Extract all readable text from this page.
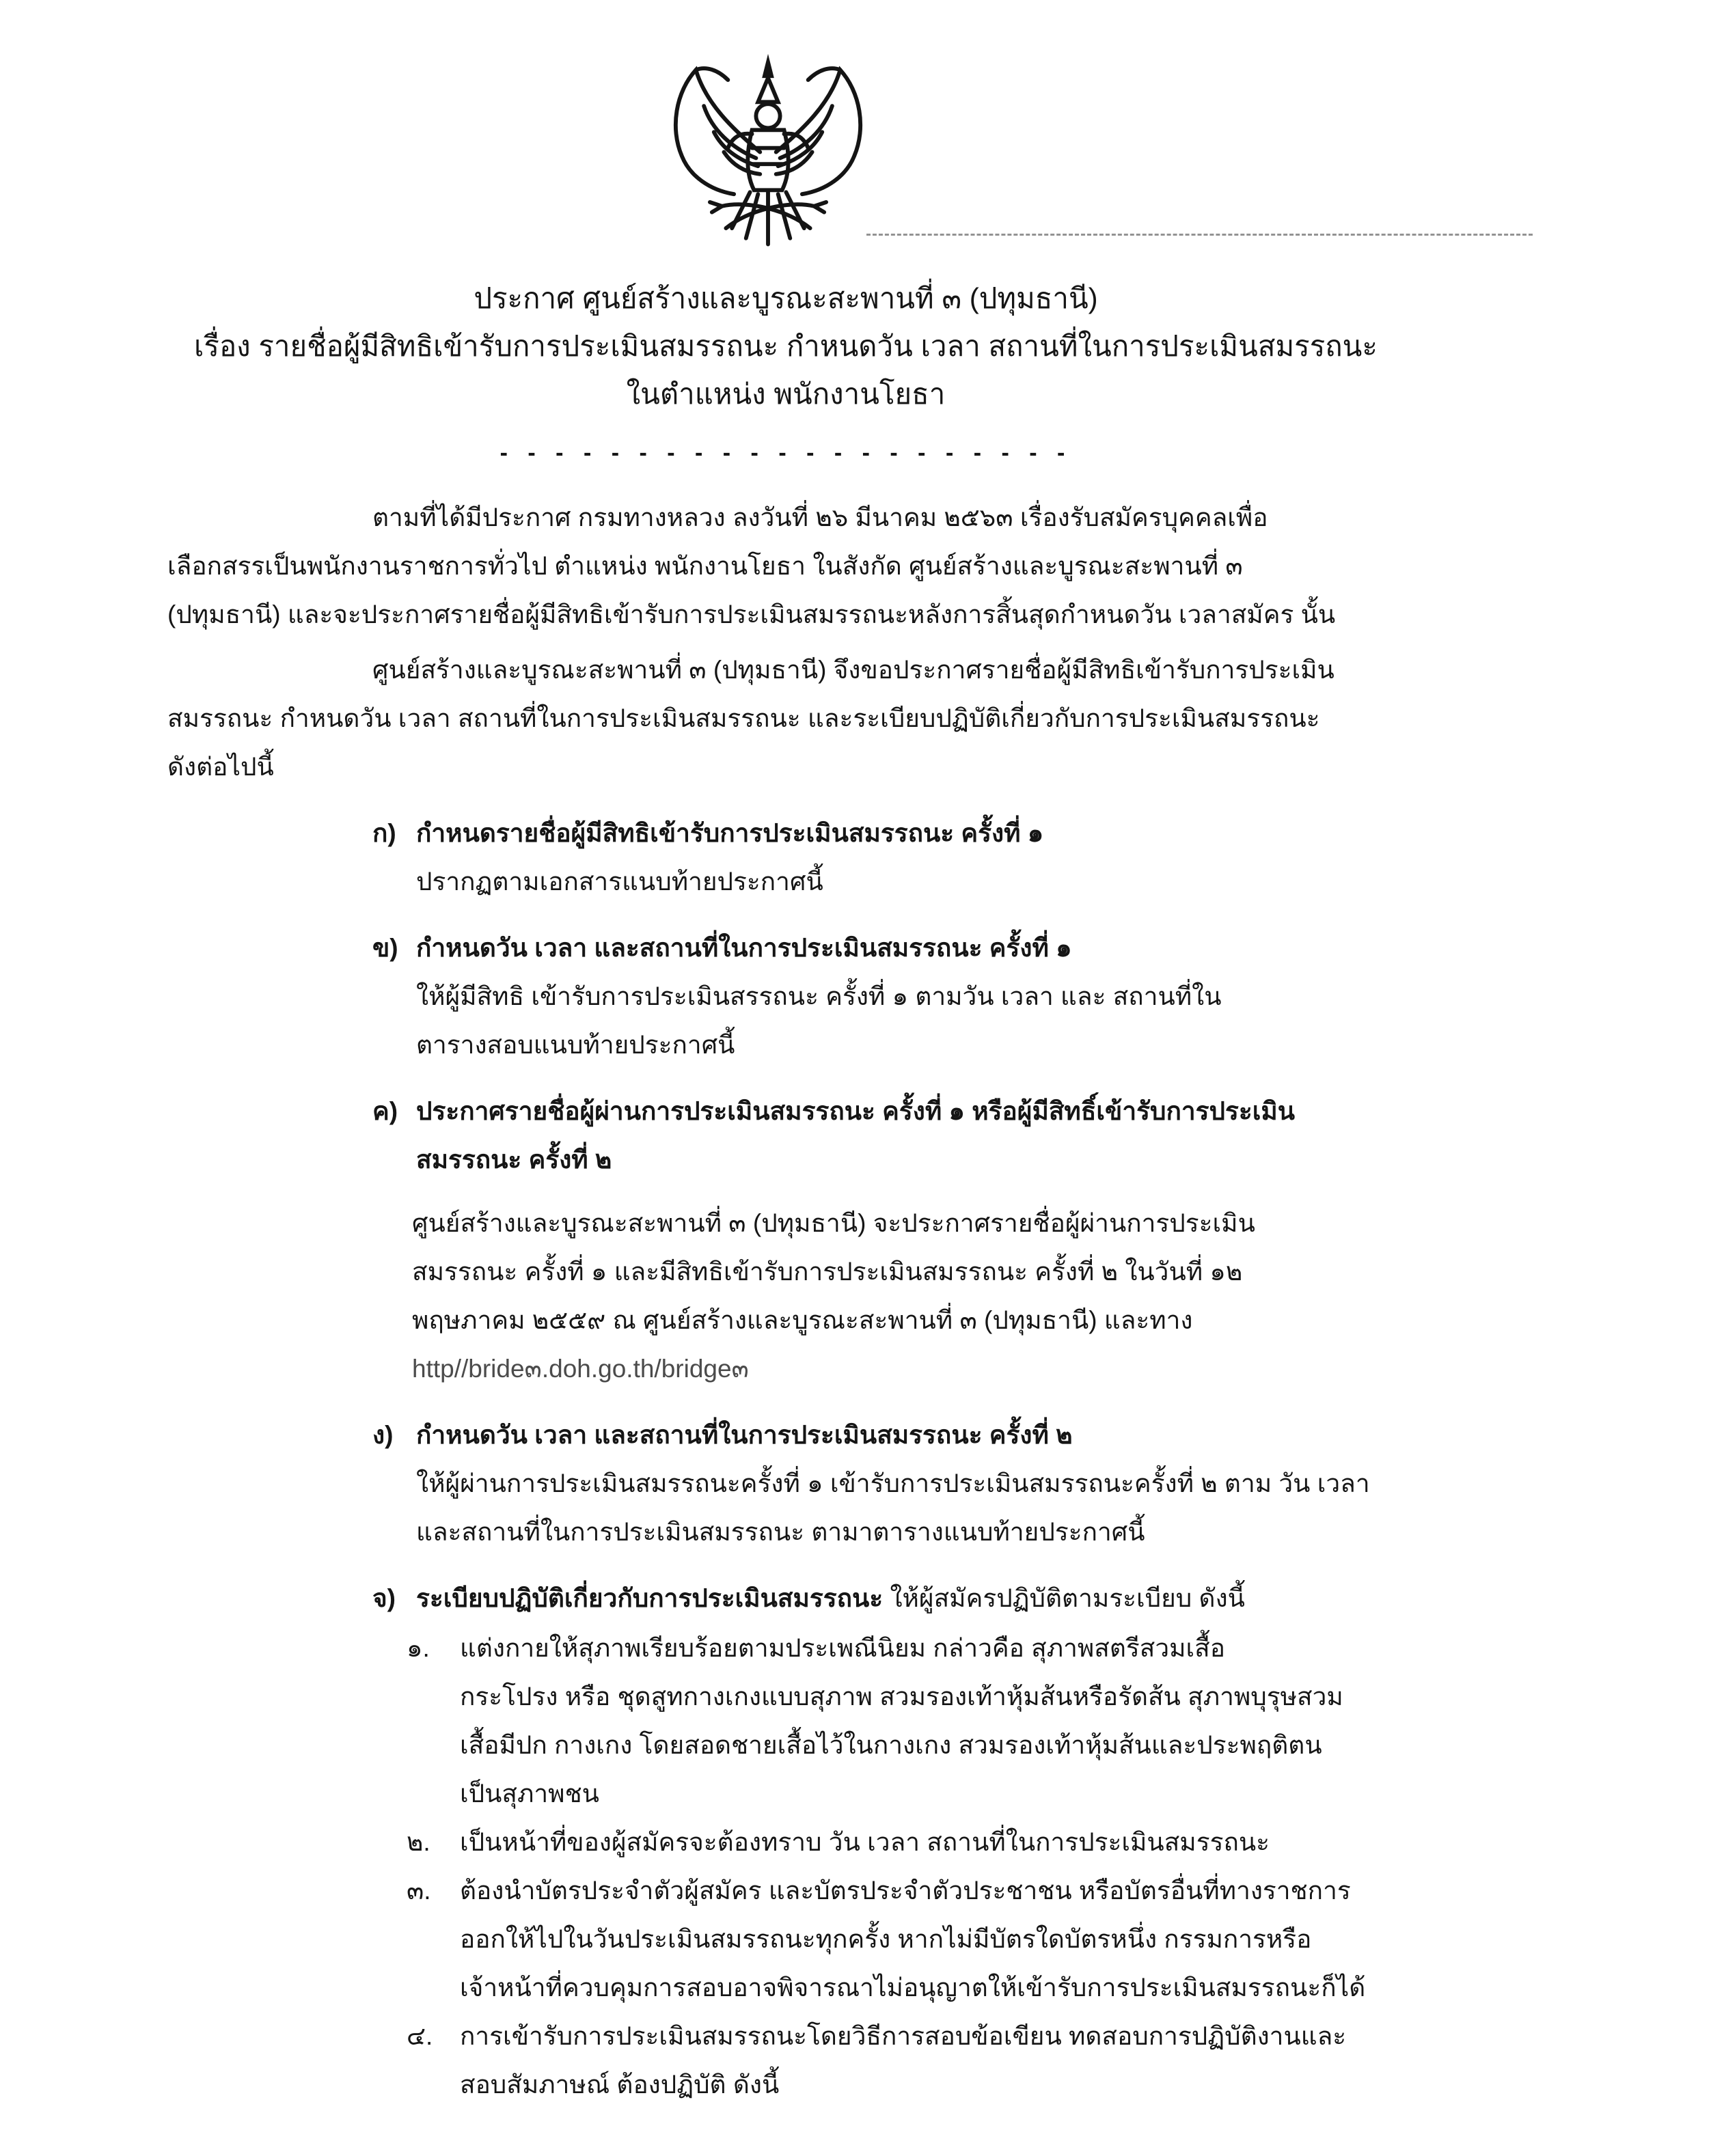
ประกาศ ศูนย์สร้างและบูรณะสะพานที่ ๓ (ปทุมธานี)
เรื่อง รายชื่อผู้มีสิทธิเข้ารับการประเมินสมรรถนะ กำหนดวัน เวลา สถานที่ในการประเมินสมรรถนะ
ในตำแหน่ง พนักงานโยธา
- - - - - - - - - - - - - - - - - - - - -
ตามที่ได้มีประกาศ กรมทางหลวง ลงวันที่ ๒๖ มีนาคม ๒๕๖๓ เรื่องรับสมัครบุคคลเพื่อ
เลือกสรรเป็นพนักงานราชการทั่วไป ตำแหน่ง พนักงานโยธา ในสังกัด ศูนย์สร้างและบูรณะสะพานที่ ๓
(ปทุมธานี) และจะประกาศรายชื่อผู้มีสิทธิเข้ารับการประเมินสมรรถนะหลังการสิ้นสุดกำหนดวัน เวลาสมัคร นั้น
ศูนย์สร้างและบูรณะสะพานที่ ๓ (ปทุมธานี) จึงขอประกาศรายชื่อผู้มีสิทธิเข้ารับการประเมิน
สมรรถนะ กำหนดวัน เวลา สถานที่ในการประเมินสมรรถนะ และระเบียบปฏิบัติเกี่ยวกับการประเมินสมรรถนะ
ดังต่อไปนี้
ก) กำหนดรายชื่อผู้มีสิทธิเข้ารับการประเมินสมรรถนะ ครั้งที่ ๑
ปรากฏตามเอกสารแนบท้ายประกาศนี้
ข) กำหนดวัน เวลา และสถานที่ในการประเมินสมรรถนะ ครั้งที่ ๑
ให้ผู้มีสิทธิ เข้ารับการประเมินสรรถนะ ครั้งที่ ๑ ตามวัน เวลา และ สถานที่ใน
ตารางสอบแนบท้ายประกาศนี้
ค) ประกาศรายชื่อผู้ผ่านการประเมินสมรรถนะ ครั้งที่ ๑ หรือผู้มีสิทธิ์เข้ารับการประเมิน
สมรรถนะ ครั้งที่ ๒
ศูนย์สร้างและบูรณะสะพานที่ ๓ (ปทุมธานี) จะประกาศรายชื่อผู้ผ่านการประเมิน
สมรรถนะ ครั้งที่ ๑ และมีสิทธิเข้ารับการประเมินสมรรถนะ ครั้งที่ ๒ ในวันที่ ๑๒
พฤษภาคม ๒๕๕๙ ณ ศูนย์สร้างและบูรณะสะพานที่ ๓ (ปทุมธานี) และทาง
http//bride๓.doh.go.th/bridge๓
ง) กำหนดวัน เวลา และสถานที่ในการประเมินสมรรถนะ ครั้งที่ ๒
ให้ผู้ผ่านการประเมินสมรรถนะครั้งที่ ๑ เข้ารับการประเมินสมรรถนะครั้งที่ ๒ ตาม วัน เวลา
และสถานที่ในการประเมินสมรรถนะ ตามาตารางแนบท้ายประกาศนี้
จ) ระเบียบปฏิบัติเกี่ยวกับการประเมินสมรรถนะ ให้ผู้สมัครปฏิบัติตามระเบียบ ดังนี้
๑. แต่งกายให้สุภาพเรียบร้อยตามประเพณีนิยม กล่าวคือ สุภาพสตรีสวมเสื้อ
กระโปรง หรือ ชุดสูทกางเกงแบบสุภาพ สวมรองเท้าหุ้มส้นหรือรัดส้น สุภาพบุรุษสวม
เสื้อมีปก กางเกง โดยสอดชายเสื้อไว้ในกางเกง สวมรองเท้าหุ้มส้นและประพฤติตน
เป็นสุภาพชน
๒. เป็นหน้าที่ของผู้สมัครจะต้องทราบ วัน เวลา สถานที่ในการประเมินสมรรถนะ
๓. ต้องนำบัตรประจำตัวผู้สมัคร และบัตรประจำตัวประชาชน หรือบัตรอื่นที่ทางราชการ
ออกให้ไปในวันประเมินสมรรถนะทุกครั้ง หากไม่มีบัตรใดบัตรหนึ่ง กรรมการหรือ
เจ้าหน้าที่ควบคุมการสอบอาจพิจารณาไม่อนุญาตให้เข้ารับการประเมินสมรรถนะก็ได้
๔. การเข้ารับการประเมินสมรรถนะโดยวิธีการสอบข้อเขียน ทดสอบการปฏิบัติงานและ
สอบสัมภาษณ์ ต้องปฏิบัติ ดังนี้
